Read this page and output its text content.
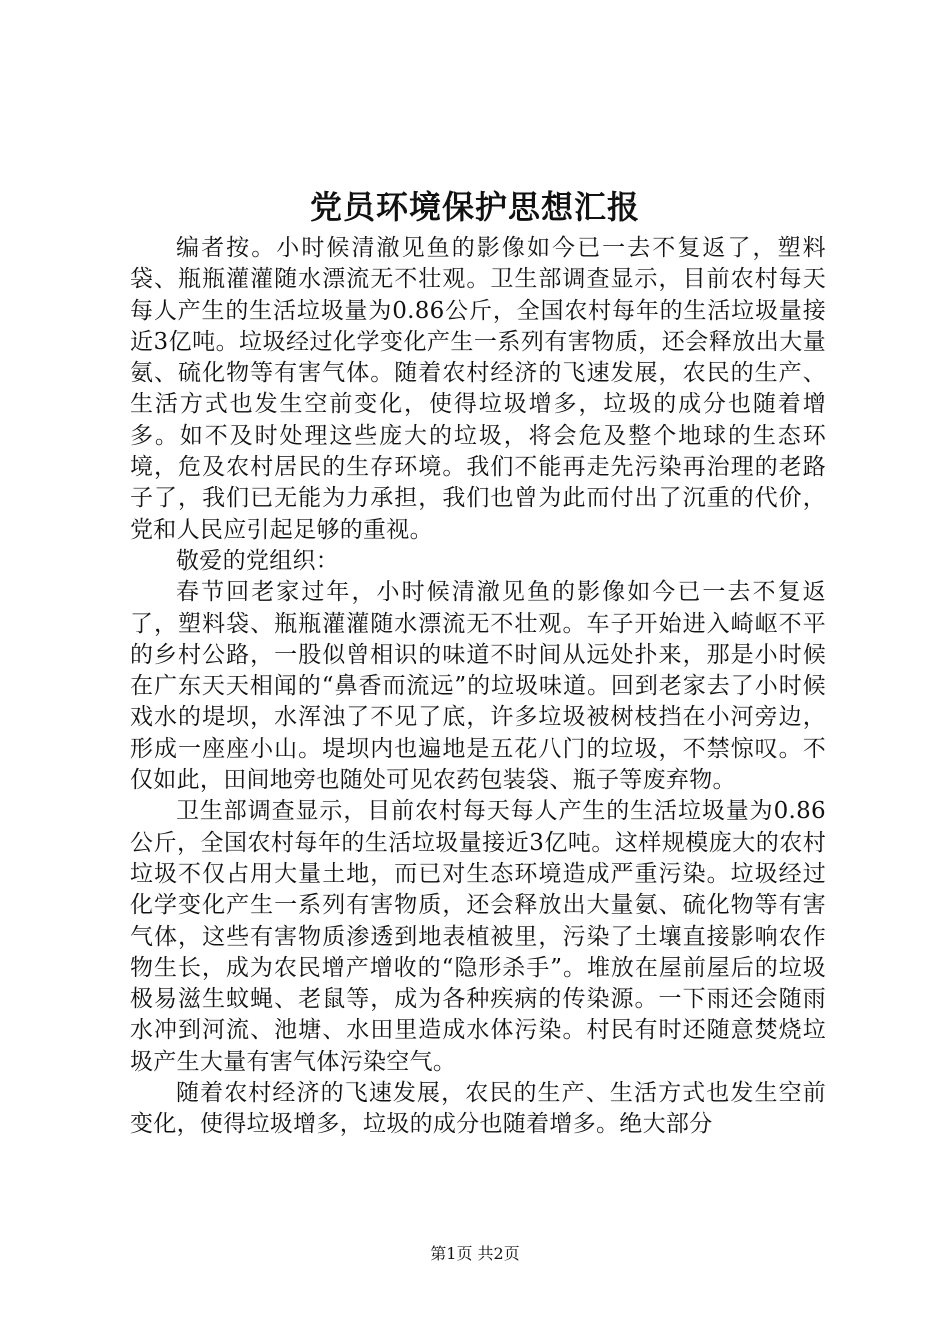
党员环境保护思想汇报

编者按。小时候清澈见鱼的影像如今已一去不复返了，塑料袋、瓶瓶灌灌随水漂流无不壮观。卫生部调查显示，目前农村每天每人产生的生活垃圾量为0.86公斤，全国农村每年的生活垃圾量接近3亿吨。垃圾经过化学变化产生一系列有害物质，还会释放出大量氨、硫化物等有害气体。随着农村经济的飞速发展，农民的生产、生活方式也发生空前变化，使得垃圾增多，垃圾的成分也随着增多。如不及时处理这些庞大的垃圾，将会危及整个地球的生态环境，危及农村居民的生存环境。我们不能再走先污染再治理的老路子了，我们已无能为力承担，我们也曾为此而付出了沉重的代价，党和人民应引起足够的重视。

敬爱的党组织：

春节回老家过年，小时候清澈见鱼的影像如今已一去不复返了，塑料袋、瓶瓶灌灌随水漂流无不壮观。车子开始进入崎岖不平的乡村公路，一股似曾相识的味道不时间从远处扑来，那是小时候在广东天天相闻的“鼻香而流远”的垃圾味道。回到老家去了小时候戏水的堤坝，水浑浊了不见了底，许多垃圾被树枝挡在小河旁边，形成一座座小山。堤坝内也遍地是五花八门的垃圾，不禁惊叹。不仅如此，田间地旁也随处可见农药包装袋、瓶子等废弃物。

卫生部调查显示，目前农村每天每人产生的生活垃圾量为0.86公斤，全国农村每年的生活垃圾量接近3亿吨。这样规模庞大的农村垃圾不仅占用大量土地，而已对生态环境造成严重污染。垃圾经过化学变化产生一系列有害物质，还会释放出大量氨、硫化物等有害气体，这些有害物质渗透到地表植被里，污染了土壤直接影响农作物生长，成为农民增产增收的“隐形杀手”。堆放在屋前屋后的垃圾极易滋生蚊蝇、老鼠等，成为各种疾病的传染源。一下雨还会随雨水冲到河流、池塘、水田里造成水体污染。村民有时还随意焚烧垃圾产生大量有害气体污染空气。

随着农村经济的飞速发展，农民的生产、生活方式也发生空前变化，使得垃圾增多，垃圾的成分也随着增多。绝大部分

第1页 共2页
